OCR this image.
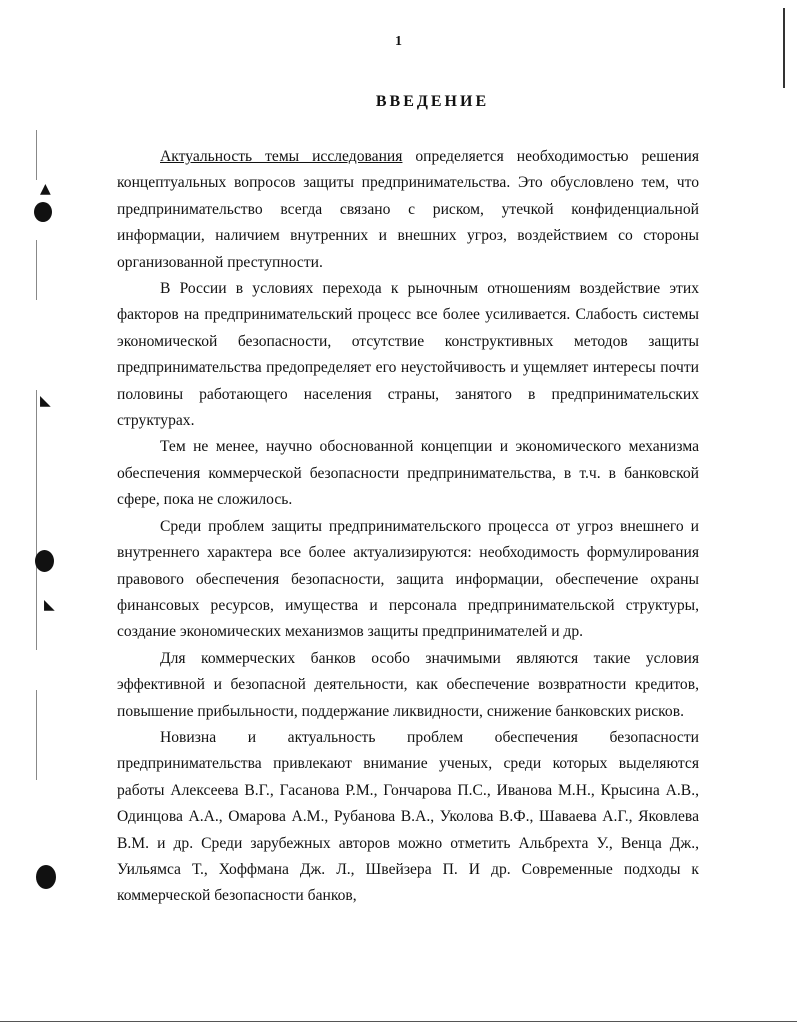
1
ВВЕДЕНИЕ

Актуальность темы исследования определяется необходимостью решения концептуальных вопросов защиты предпринимательства. Это обусловлено тем, что предпринимательство всегда связано с риском, утечкой конфиденциальной информации, наличием внутренних и внешних угроз, воздействием со стороны организованной преступности.

В России в условиях перехода к рыночным отношениям воздействие этих факторов на предпринимательский процесс все более усиливается. Слабость системы экономической безопасности, отсутствие конструктивных методов защиты предпринимательства предопределяет его неустойчивость и ущемляет интересы почти половины работающего населения страны, занятого в предпринимательских структурах.

Тем не менее, научно обоснованной концепции и экономического механизма обеспечения коммерческой безопасности предпринимательства, в т.ч. в банковской сфере, пока не сложилось.

Среди проблем защиты предпринимательского процесса от угроз внешнего и внутреннего характера все более актуализируются: необходимость формулирования правового обеспечения безопасности, защита информации, обеспечение охраны финансовых ресурсов, имущества и персонала предпринимательской структуры, создание экономических механизмов защиты предпринимателей и др.

Для коммерческих банков особо значимыми являются такие условия эффективной и безопасной деятельности, как обеспечение возвратности кредитов, повышение прибыльности, поддержание ликвидности, снижение банковских рисков.

Новизна и актуальность проблем обеспечения безопасности предпринимательства привлекают внимание ученых, среди которых выделяются работы Алексеева В.Г., Гасанова Р.М., Гончарова П.С., Иванова М.Н., Крысина А.В., Одинцова А.А., Омарова А.М., Рубанова В.А., Уколова В.Ф., Шаваева А.Г., Яковлева В.М. и др. Среди зарубежных авторов можно отметить Альбрехта У., Венца Дж., Уильямса Т., Хоффмана Дж. Л., Швейзера П. И др. Современные подходы к коммерческой безопасности банков,

▲
◣
◣
